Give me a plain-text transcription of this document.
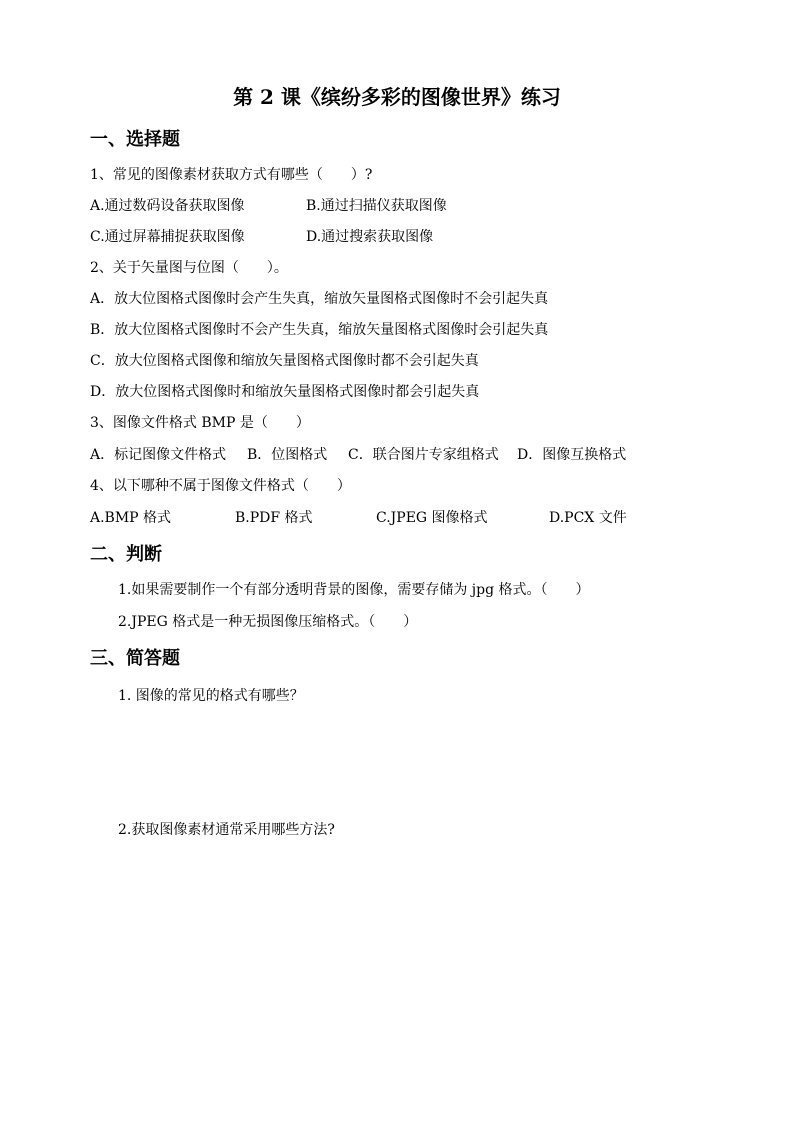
第 2 课《缤纷多彩的图像世界》练习
一、选择题
1、常见的图像素材获取方式有哪些（　　）?
A.通过数码设备获取图像	B.通过扫描仪获取图像
C.通过屏幕捕捉获取图像	D.通过搜索获取图像
2、关于矢量图与位图（　　）。
A．放大位图格式图像时会产生失真，缩放矢量图格式图像时不会引起失真
B．放大位图格式图像时不会产生失真，缩放矢量图格式图像时会引起失真
C．放大位图格式图像和缩放矢量图格式图像时都不会引起失真
D．放大位图格式图像时和缩放矢量图格式图像时都会引起失真
3、图像文件格式 BMP 是（　　）
A．标记图像文件格式 B．位图格式 C．联合图片专家组格式 D．图像互换格式
4、以下哪种不属于图像文件格式（　　）
A.BMP 格式	B.PDF 格式	C.JPEG 图像格式	D.PCX 文件
二、判断
1.如果需要制作一个有部分透明背景的图像，需要存储为 jpg 格式。（　　）
2.JPEG 格式是一种无损图像压缩格式。（　　）
三、简答题
1. 图像的常见的格式有哪些？
2.获取图像素材通常采用哪些方法?
